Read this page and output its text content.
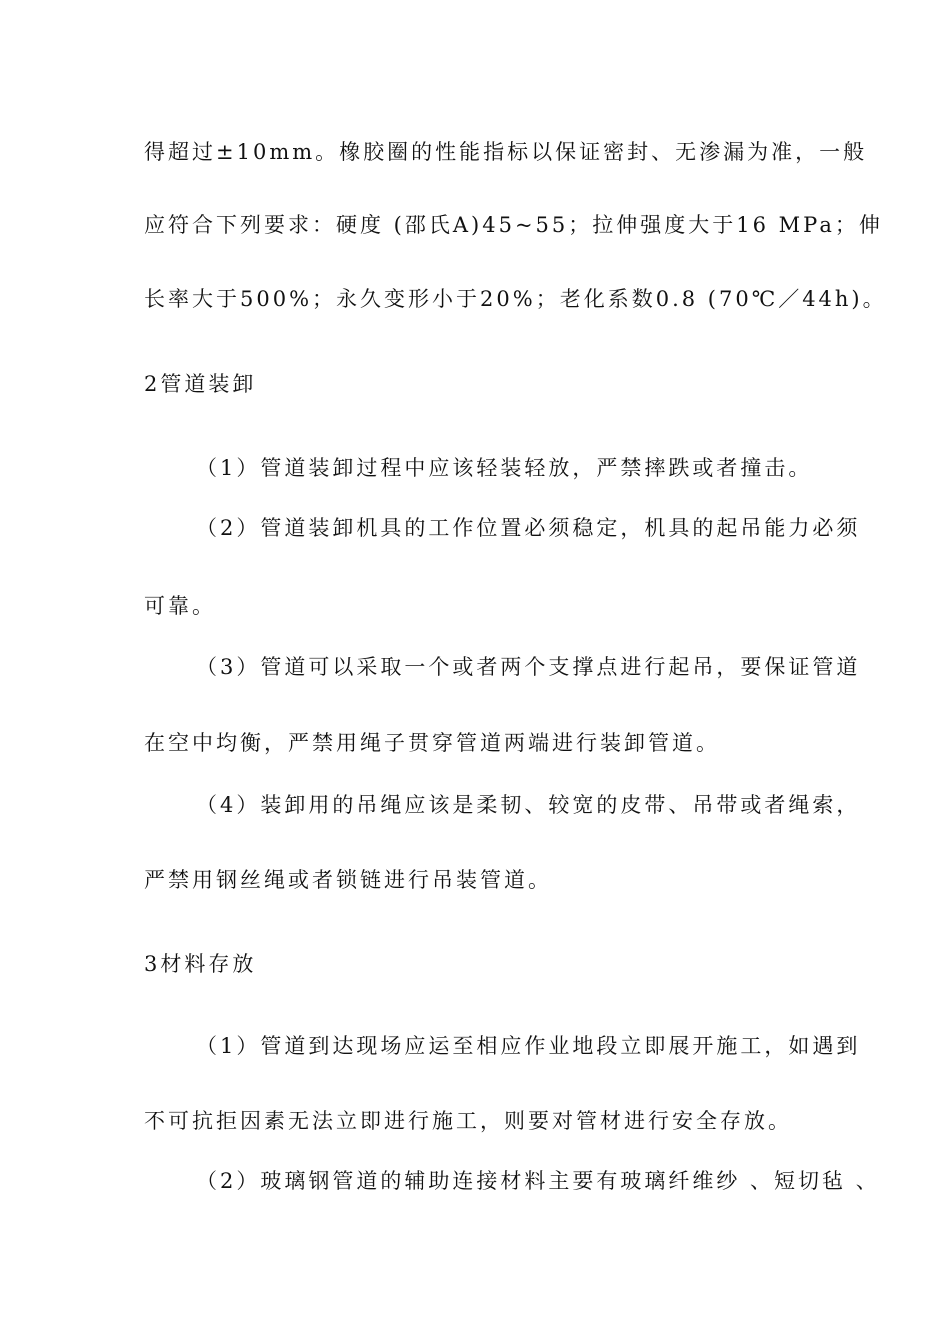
得超过±10mm。橡胶圈的性能指标以保证密封、无渗漏为准，一般

应符合下列要求：硬度 (邵氏A)45~55；拉伸强度大于16 MPa；伸

长率大于500%；永久变形小于20%；老化系数0.8 (70℃／44h)。

2管道装卸

（1）管道装卸过程中应该轻装轻放，严禁摔跌或者撞击。

（2）管道装卸机具的工作位置必须稳定，机具的起吊能力必须

可靠。

（3）管道可以采取一个或者两个支撑点进行起吊，要保证管道

在空中均衡，严禁用绳子贯穿管道两端进行装卸管道。

（4）装卸用的吊绳应该是柔韧、较宽的皮带、吊带或者绳索，

严禁用钢丝绳或者锁链进行吊装管道。

3材料存放

（1）管道到达现场应运至相应作业地段立即展开施工，如遇到

不可抗拒因素无法立即进行施工，则要对管材进行安全存放。

（2）玻璃钢管道的辅助连接材料主要有玻璃纤维纱 、短切毡 、
